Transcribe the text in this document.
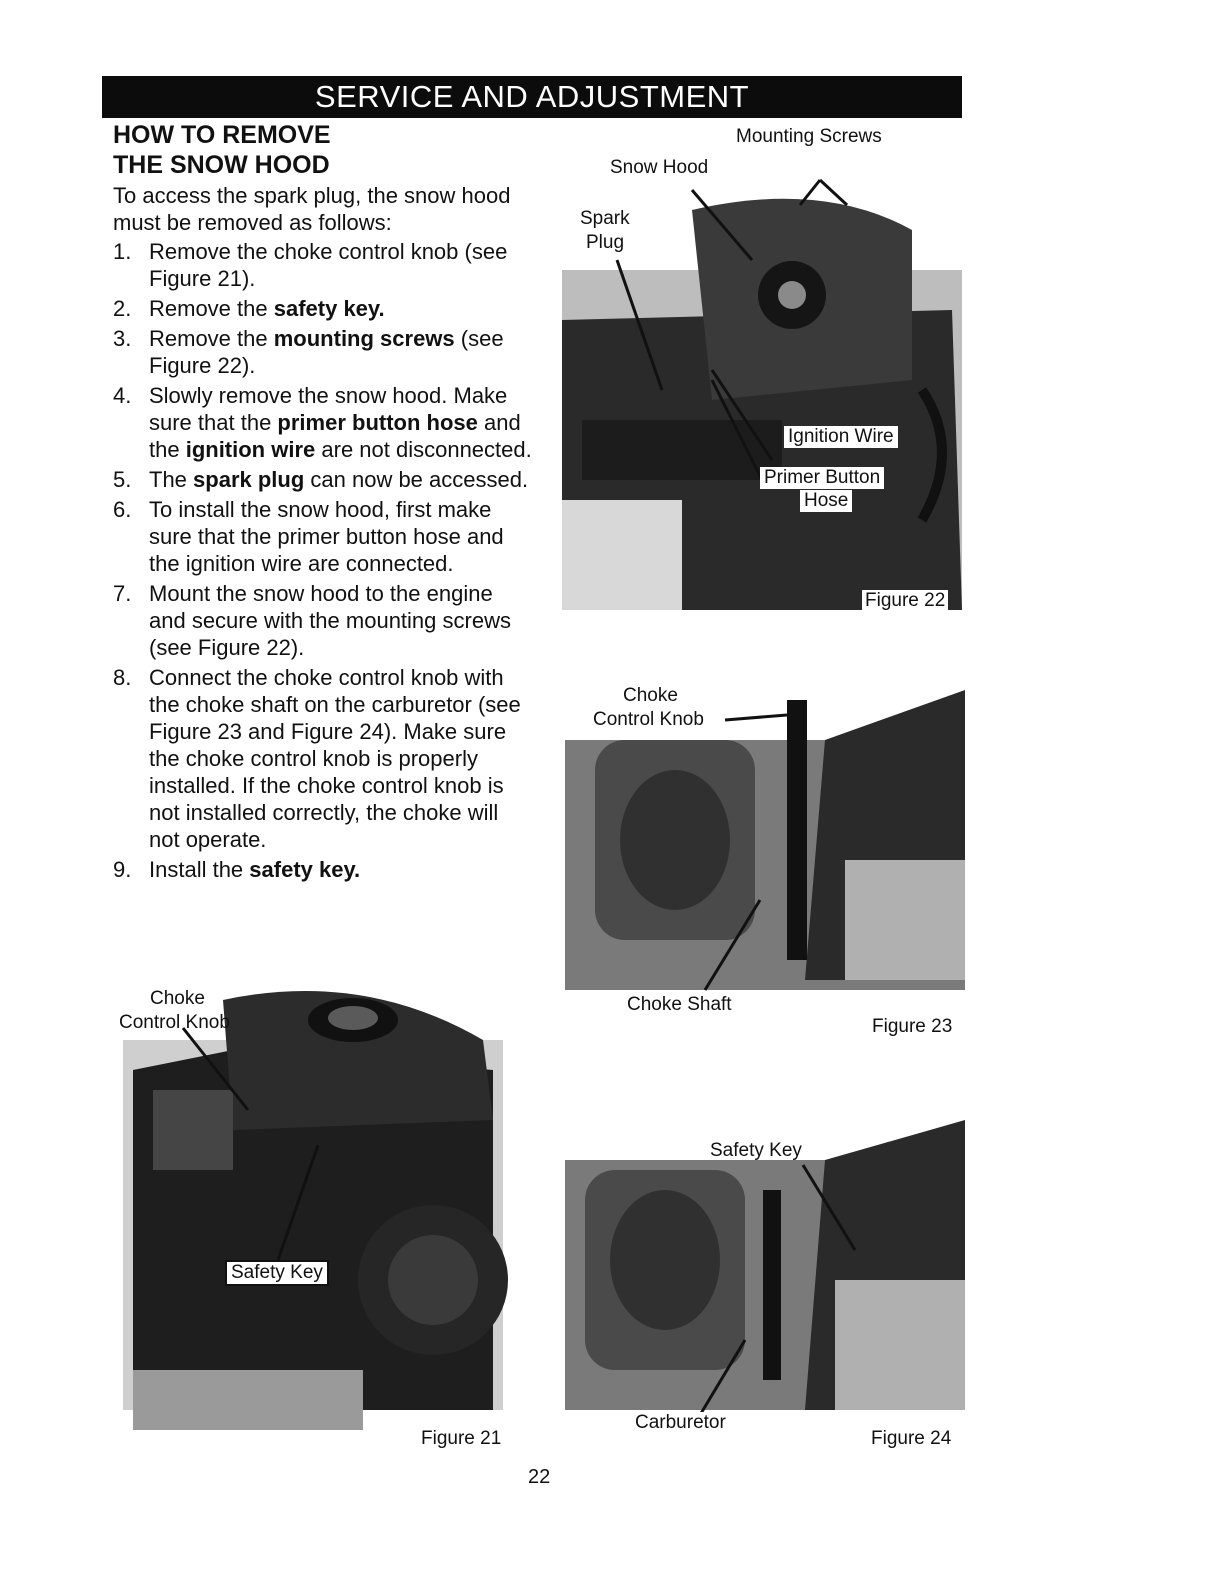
SERVICE AND ADJUSTMENT
HOW TO REMOVE
THE SNOW HOOD
To access the spark plug, the snow hood must be removed as follows:
1. Remove the choke control knob (see Figure 21).
2. Remove the safety key.
3. Remove the mounting screws (see Figure 22).
4. Slowly remove the snow hood. Make sure that the primer button hose and the ignition wire are not disconnected.
5. The spark plug can now be accessed.
6. To install the snow hood, first make sure that the primer button hose and the ignition wire are connected.
7. Mount the snow hood to the engine and secure with the mounting screws (see Figure 22).
8. Connect the choke control knob with the choke shaft on the carburetor (see Figure 23 and Figure 24). Make sure the choke control knob is properly installed. If the choke control knob is not installed correctly, the choke will not operate.
9. Install the safety key.
Choke
Control Knob
Safety Key
Figure 21
Mounting Screws
Snow Hood
Spark
Plug
Ignition Wire
Primer Button
Hose
Figure 22
Choke
Control Knob
Choke Shaft
Figure 23
Safety Key
Carburetor
Figure 24
22
